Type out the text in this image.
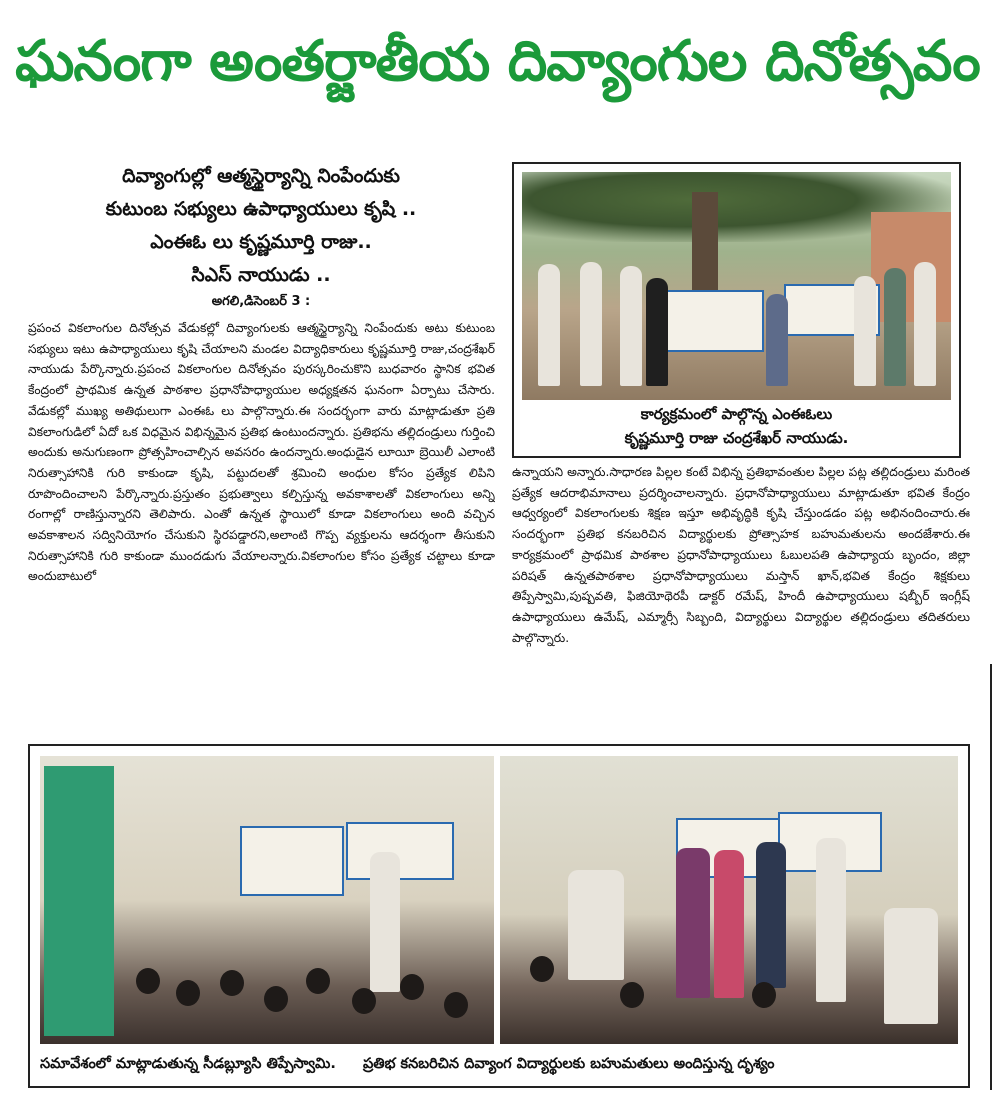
ఘనంగా అంతర్జాతీయ దివ్యాంగుల దినోత్సవం
దివ్యాంగుల్లో ఆత్మస్థైర్యాన్ని నింపేందుకు
కుటుంబ సభ్యులు ఉపాధ్యాయులు కృషి ..
ఎంఈఓ లు కృష్ణమూర్తి రాజు..
సిఎస్ నాయుడు ..
అగలి,డిసెంబర్ 3 :
ప్రపంచ వికలాంగుల దినోత్సవ వేడుకల్లో దివ్యాంగులకు ఆత్మస్థైర్యాన్ని నింపేందుకు అటు కుటుంబ సభ్యులు ఇటు ఉపాధ్యాయులు కృషి చేయాలని మండల విద్యాధికారులు కృష్ణమూర్తి రాజు,చంద్రశేఖర్ నాయుడు పేర్కొన్నారు.ప్రపంచ వికలాంగుల దినోత్సవం పురస్కరించుకొని బుధవారం స్థానిక భవిత కేంద్రంలో ప్రాథమిక ఉన్నత పాఠశాల ప్రధానోపాధ్యాయుల అధ్యక్షతన ఘనంగా ఏర్పాటు చేసారు. వేడుకల్లో ముఖ్య అతిథులుగా ఎంఈఓ లు పాల్గొన్నారు.ఈ సందర్భంగా వారు మాట్లాడుతూ ప్రతి వికలాంగుడిలో ఏదో ఒక విధమైన విభిన్నమైన ప్రతిభ ఉంటుందన్నారు. ప్రతిభను తల్లిదండ్రులు గుర్తించి అందుకు అనుగుణంగా ప్రోత్సహించాల్సిన అవసరం ఉందన్నారు.అంధుడైన లూయీ బ్రెయిలీ ఎలాంటి నిరుత్సాహానికి గురి కాకుండా కృషి, పట్టుదలతో శ్రమించి అంధుల కోసం ప్రత్యేక లిపిని రూపొందించాలని పేర్కొన్నారు.ప్రస్తుతం ప్రభుత్వాలు కల్పిస్తున్న అవకాశాలతో వికలాంగులు అన్ని రంగాల్లో రాణిస్తున్నారని తెలిపారు. ఎంతో ఉన్నత స్థాయిలో కూడా వికలాంగులు అంది వచ్చిన అవకాశాలన సద్వినియోగం చేసుకుని స్థిరపడ్డారని,అలాంటి గొప్ప వ్యక్తులను ఆదర్శంగా తీసుకుని నిరుత్సాహానికి గురి కాకుండా ముందడుగు వేయాలన్నారు.వికలాంగుల కోసం ప్రత్యేక చట్టాలు కూడా అందుబాటులో
కార్యక్రమంలో పాల్గొన్న ఎంఈఓలు
కృష్ణమూర్తి రాజు చంద్రశేఖర్ నాయుడు.
ఉన్నాయని అన్నారు.సాధారణ పిల్లల కంటే విభిన్న ప్రతిభావంతుల పిల్లల పట్ల తల్లిదండ్రులు మరింత ప్రత్యేక ఆదరాభిమానాలు ప్రదర్శించాలన్నారు. ప్రధానోపాధ్యాయులు మాట్లాడుతూ భవిత కేంద్రం ఆధ్వర్యంలో వికలాంగులకు శిక్షణ ఇస్తూ అభివృద్ధికి కృషి చేస్తుండడం పట్ల అభినందించారు.ఈ సందర్భంగా ప్రతిభ కనబరిచిన విద్యార్థులకు ప్రోత్సాహక బహుమతులను అందజేశారు.ఈ కార్యక్రమంలో ప్రాథమిక పాఠశాల ప్రధానోపాధ్యాయులు ఓబులపతి ఉపాధ్యాయ బృందం, జిల్లా పరిషత్ ఉన్నతపాఠశాల ప్రధానోపాధ్యాయులు మస్తాన్ ఖాన్,భవిత కేంద్రం శిక్షకులు తిప్పేస్వామి,పుష్పవతి, ఫిజియోథెరపీ డాక్టర్ రమేష్, హిందీ ఉపాధ్యాయులు షబ్బీర్ ఇంగ్లీష్ ఉపాధ్యాయులు ఉమేష్, ఎమ్మార్సీ సిబ్బంది, విద్యార్థులు విద్యార్థుల తల్లిదండ్రులు తదితరులు పాల్గొన్నారు.
సమావేశంలో మాట్లాడుతున్న సీడబ్ల్యూసి తిప్పేస్వామి. ప్రతిభ కనబరిచిన దివ్యాంగ విద్యార్థులకు బహుమతులు అందిస్తున్న దృశ్యం
